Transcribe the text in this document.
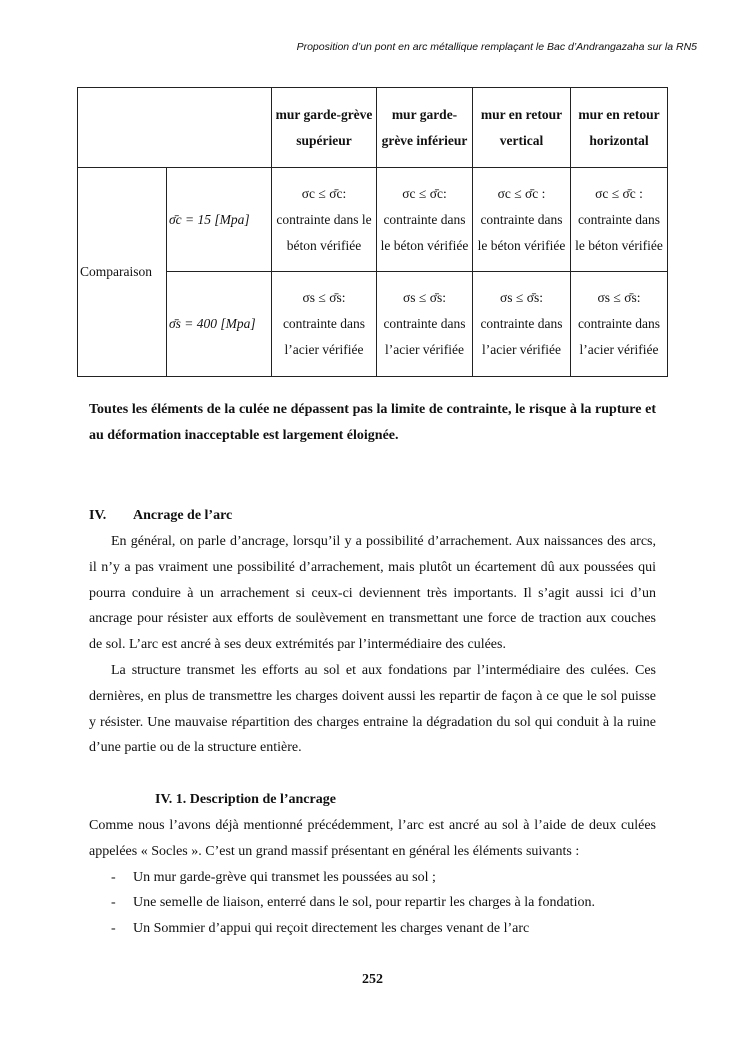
Proposition d’un pont en arc métallique remplaçant le Bac d’Andrangazaha sur la RN5
		mur garde-grève supérieur	mur garde-grève inférieur	mur en retour vertical	mur en retour horizontal
Comparaison	σ̄c = 15 [Mpa]	σc ≤ σ̄c: contrainte dans le béton vérifiée	σc ≤ σ̄c: contrainte dans le béton vérifiée	σc ≤ σ̄c : contrainte dans le béton vérifiée	σc ≤ σ̄c : contrainte dans le béton vérifiée
	σ̄s = 400 [Mpa]	σs ≤ σ̄s: contrainte dans l’acier vérifiée	σs ≤ σ̄s: contrainte dans l’acier vérifiée	σs ≤ σ̄s: contrainte dans l’acier vérifiée	σs ≤ σ̄s: contrainte dans l’acier vérifiée
Toutes les éléments de la culée ne dépassent pas la limite de contrainte, le risque à la rupture et au déformation inacceptable est largement éloignée.
IV. Ancrage de l’arc

En général, on parle d’ancrage, lorsqu’il y a possibilité d’arrachement. Aux naissances des arcs, il n’y a pas vraiment une possibilité d’arrachement, mais plutôt un écartement dû aux poussées qui pourra conduire à un arrachement si ceux-ci deviennent très importants. Il s’agit aussi ici d’un ancrage pour résister aux efforts de soulèvement en transmettant une force de traction aux couches de sol. L’arc est ancré à ses deux extrémités par l’intermédiaire des culées.

La structure transmet les efforts au sol et aux fondations par l’intermédiaire des culées. Ces dernières, en plus de transmettre les charges doivent aussi les repartir de façon à ce que le sol puisse y résister. Une mauvaise répartition des charges entraine la dégradation du sol qui conduit à la ruine d’une partie ou de la structure entière.

IV. 1. Description de l’ancrage

Comme nous l’avons déjà mentionné précédemment, l’arc est ancré au sol à l’aide de deux culées appelées « Socles ». C’est un grand massif présentant en général les éléments suivants :

- Un mur garde-grève qui transmet les poussées au sol ;

- Une semelle de liaison, enterré dans le sol, pour repartir les charges à la fondation.

- Un Sommier d’appui qui reçoit directement les charges venant de l’arc

252
